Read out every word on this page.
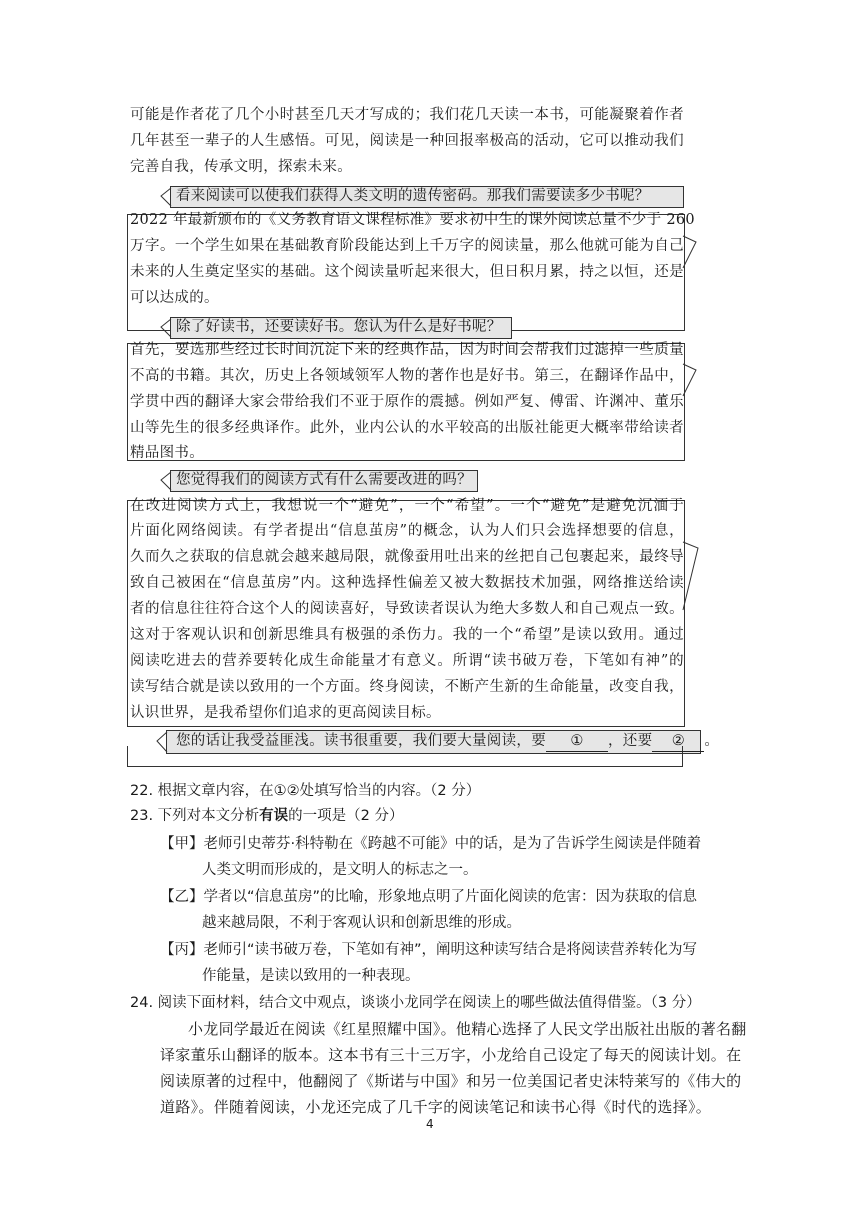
可能是作者花了几个小时甚至几天才写成的；我们花几天读一本书，可能凝聚着作者
几年甚至一辈子的人生感悟。可见，阅读是一种回报率极高的活动，它可以推动我们
完善自我，传承文明，探索未来。
看来阅读可以使我们获得人类文明的遗传密码。那我们需要读多少书呢？
2022 年最新颁布的《义务教育语文课程标准》要求初中生的课外阅读总量不少于 260
万字。一个学生如果在基础教育阶段能达到上千万字的阅读量，那么他就可能为自己
未来的人生奠定坚实的基础。这个阅读量听起来很大，但日积月累，持之以恒，还是
可以达成的。
除了好读书，还要读好书。您认为什么是好书呢？
首先，要选那些经过长时间沉淀下来的经典作品，因为时间会帮我们过滤掉一些质量
不高的书籍。其次，历史上各领域领军人物的著作也是好书。第三，在翻译作品中，
学贯中西的翻译大家会带给我们不亚于原作的震撼。例如严复、傅雷、许渊冲、董乐
山等先生的很多经典译作。此外，业内公认的水平较高的出版社能更大概率带给读者
精品图书。
您觉得我们的阅读方式有什么需要改进的吗？
在改进阅读方式上，我想说一个“避免”，一个“希望”。一个“避免”是避免沉湎于
片面化网络阅读。有学者提出“信息茧房”的概念，认为人们只会选择想要的信息，
久而久之获取的信息就会越来越局限，就像蚕用吐出来的丝把自己包裹起来，最终导
致自己被困在“信息茧房”内。这种选择性偏差又被大数据技术加强，网络推送给读
者的信息往往符合这个人的阅读喜好，导致读者误认为绝大多数人和自己观点一致。
这对于客观认识和创新思维具有极强的杀伤力。我的一个“希望”是读以致用。通过
阅读吃进去的营养要转化成生命能量才有意义。所谓“读书破万卷，下笔如有神”的
读写结合就是读以致用的一个方面。终身阅读，不断产生新的生命能量，改变自我，
认识世界，是我希望你们追求的更高阅读目标。
您的话让我受益匪浅。读书很重要，我们要大量阅读，要 ① ，还要 ② 。
22. 根据文章内容，在①②处填写恰当的内容。（2 分）
23. 下列对本文分析有误的一项是（2 分）
【甲】老师引史蒂芬·科特勒在《跨越不可能》中的话，是为了告诉学生阅读是伴随着
人类文明而形成的，是文明人的标志之一。
【乙】学者以“信息茧房”的比喻，形象地点明了片面化阅读的危害：因为获取的信息
越来越局限，不利于客观认识和创新思维的形成。
【丙】老师引“读书破万卷，下笔如有神”，阐明这种读写结合是将阅读营养转化为写
作能量，是读以致用的一种表现。
24. 阅读下面材料，结合文中观点，谈谈小龙同学在阅读上的哪些做法值得借鉴。（3 分）
小龙同学最近在阅读《红星照耀中国》。他精心选择了人民文学出版社出版的著名翻
译家董乐山翻译的版本。这本书有三十三万字，小龙给自己设定了每天的阅读计划。在
阅读原著的过程中，他翻阅了《斯诺与中国》和另一位美国记者史沫特莱写的《伟大的
道路》。伴随着阅读，小龙还完成了几千字的阅读笔记和读书心得《时代的选择》。
4
